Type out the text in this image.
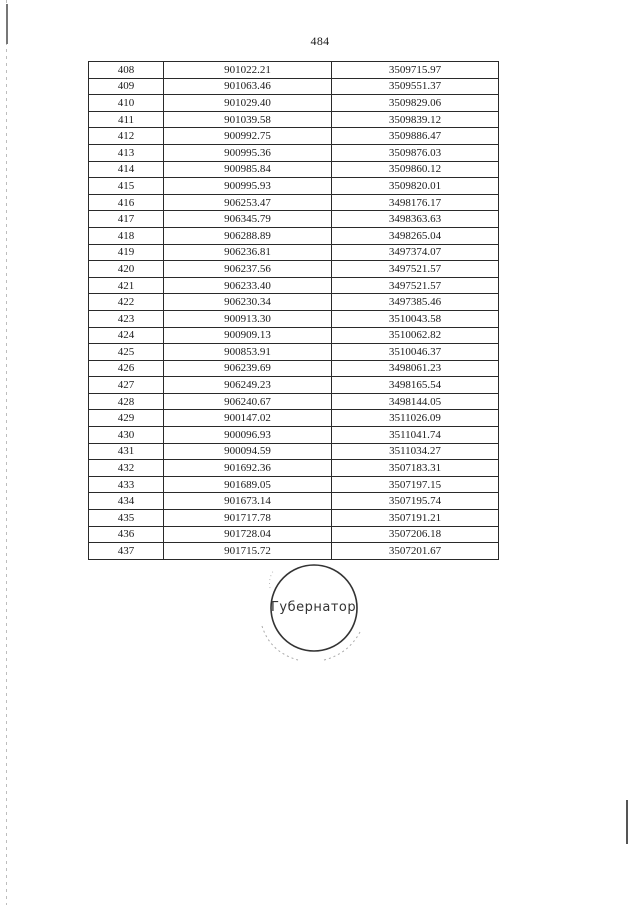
484
408	901022.21	3509715.97
409	901063.46	3509551.37
410	901029.40	3509829.06
411	901039.58	3509839.12
412	900992.75	3509886.47
413	900995.36	3509876.03
414	900985.84	3509860.12
415	900995.93	3509820.01
416	906253.47	3498176.17
417	906345.79	3498363.63
418	906288.89	3498265.04
419	906236.81	3497374.07
420	906237.56	3497521.57
421	906233.40	3497521.57
422	906230.34	3497385.46
423	900913.30	3510043.58
424	900909.13	3510062.82
425	900853.91	3510046.37
426	906239.69	3498061.23
427	906249.23	3498165.54
428	906240.67	3498144.05
429	900147.02	3511026.09
430	900096.93	3511041.74
431	900094.59	3511034.27
432	901692.36	3507183.31
433	901689.05	3507197.15
434	901673.14	3507195.74
435	901717.78	3507191.21
436	901728.04	3507206.18
437	901715.72	3507201.67
Губернатор
